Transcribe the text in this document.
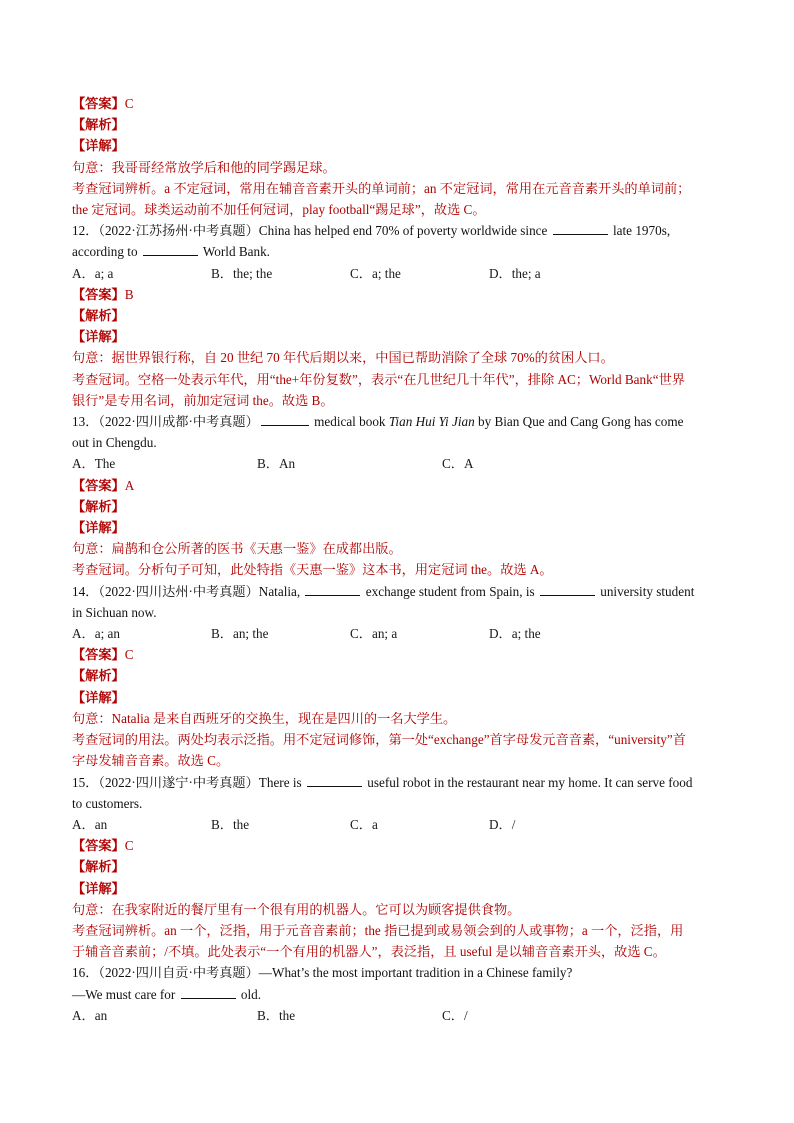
【答案】C

【解析】

【详解】

句意：我哥哥经常放学后和他的同学踢足球。

考查冠词辨析。a 不定冠词，常用在辅音音素开头的单词前；an 不定冠词，常用在元音音素开头的单词前；

the 定冠词。球类运动前不加任何冠词，play football“踢足球”，故选 C。

12．（2022·江苏扬州·中考真题）China has helped end 70% of poverty worldwide since	late 1970s,

according to	World Bank.

A．a; a	B．the; the	C．a; the	D．the; a

【答案】B

【解析】

【详解】

句意：据世界银行称，自 20 世纪 70 年代后期以来，中国已帮助消除了全球 70%的贫困人口。

考查冠词。空格一处表示年代，用“the+年份复数”，表示“在几世纪几十年代”，排除 AC；World Bank“世界

银行”是专用名词，前加定冠词 the。故选 B。

13．（2022·四川成都·中考真题）	medical book Tian Hui Yi Jian by Bian Que and Cang Gong has come

out in Chengdu.

A．The	B．An	C．A

【答案】A

【解析】

【详解】

句意：扁鹊和仓公所著的医书《天惠一鉴》在成都出版。

考查冠词。分析句子可知，此处特指《天惠一鉴》这本书，用定冠词 the。故选 A。

14．（2022·四川达州·中考真题）Natalia,	exchange student from Spain, is	university student

in Sichuan now.

A．a; an	B．an; the	C．an; a	D．a; the

【答案】C

【解析】

【详解】

句意：Natalia 是来自西班牙的交换生，现在是四川的一名大学生。

考查冠词的用法。两处均表示泛指。用不定冠词修饰，第一处“exchange”首字母发元音音素，“university”首

字母发辅音音素。故选 C。

15．（2022·四川遂宁·中考真题）There is	useful robot in the restaurant near my home. It can serve food

to customers.

A．an	B．the	C．a	D．/

【答案】C

【解析】

【详解】

句意：在我家附近的餐厅里有一个很有用的机器人。它可以为顾客提供食物。

考查冠词辨析。an 一个，泛指，用于元音音素前；the 指已提到或易领会到的人或事物；a 一个，泛指，用

于辅音音素前；/不填。此处表示“一个有用的机器人”，表泛指，且 useful 是以辅音音素开头，故选 C。

16．（2022·四川自贡·中考真题）—What’s the most important tradition in a Chinese family?

—We must care for	old.

A．an	B．the	C．/
